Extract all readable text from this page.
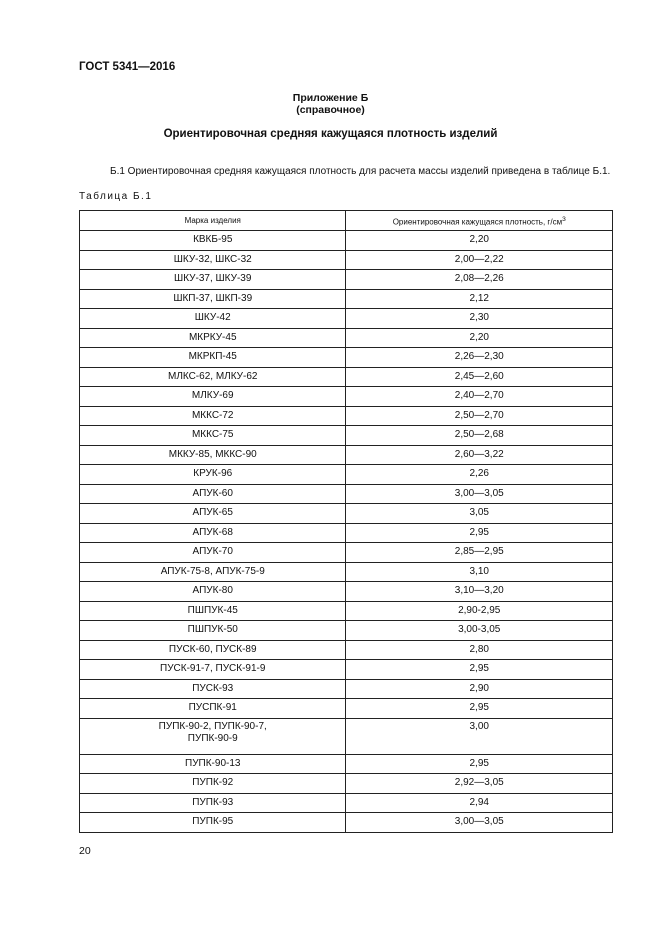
ГОСТ 5341—2016
Приложение Б
(справочное)
Ориентировочная средняя кажущаяся плотность изделий
Б.1 Ориентировочная средняя кажущаяся плотность для расчета массы изделий приведена в таблице Б.1.
Таблица Б.1
Марка изделия	Ориентировочная кажущаяся плотность, $г/см^3$
КВКБ-95	2,20
ШКУ-32, ШКС-32	2,00—2,22
ШКУ-37, ШКУ-39	2,08—2,26
ШКП-37, ШКП-39	2,12
ШКУ-42	2,30
МКРКУ-45	2,20
МКРКП-45	2,26—2,30
МЛКС-62, МЛКУ-62	2,45—2,60
МЛКУ-69	2,40—2,70
МККС-72	2,50—2,70
МККС-75	2,50—2,68
МККУ-85, МККС-90	2,60—3,22
КРУК-96	2,26
АПУК-60	3,00—3,05
АПУК-65	3,05
АПУК-68	2,95
АПУК-70	2,85—2,95
АПУК-75-8, АПУК-75-9	3,10
АПУК-80	3,10—3,20
ПШПУК-45	2,90-2,95
ПШПУК-50	3,00-3,05
ПУСК-60, ПУСК-89	2,80
ПУСК-91-7, ПУСК-91-9	2,95
ПУСК-93	2,90
ПУСПК-91	2,95

ПУПК-90-2, ПУПК-90-7,
ПУПК-90-9	3,00
ПУПК-90-13	2,95
ПУПК-92	2,92—3,05
ПУПК-93	2,94
ПУПК-95	3,00—3,05
20
